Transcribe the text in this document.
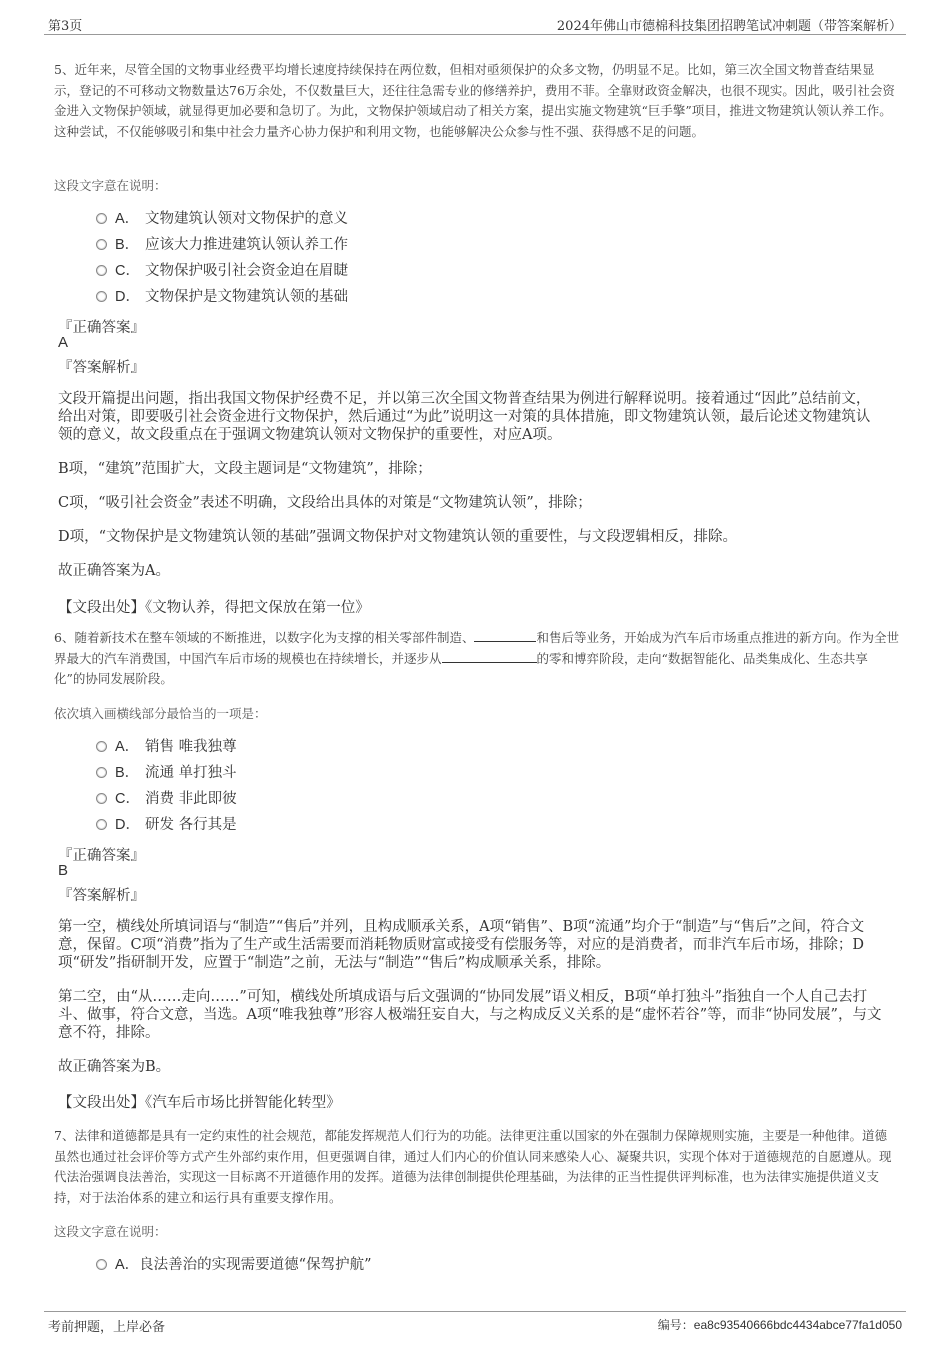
第3页	2024年佛山市德棉科技集团招聘笔试冲刺题（带答案解析）
5、近年来，尽管全国的文物事业经费平均增长速度持续保持在两位数，但相对亟须保护的众多文物，仍明显不足。比如，第三次全国文物普查结果显示，登记的不可移动文物数量达76万余处，不仅数量巨大，还往往急需专业的修缮养护，费用不菲。全靠财政资金解决，也很不现实。因此，吸引社会资金进入文物保护领域，就显得更加必要和急切了。为此，文物保护领域启动了相关方案，提出实施文物建筑“巨手擎”项目，推进文物建筑认领认养工作。这种尝试，不仅能够吸引和集中社会力量齐心协力保护和利用文物，也能够解决公众参与性不强、获得感不足的问题。
这段文字意在说明：
A． 文物建筑认领对文物保护的意义
B． 应该大力推进建筑认领认养工作
C． 文物保护吸引社会资金迫在眉睫
D． 文物保护是文物建筑认领的基础
『正确答案』
A
『答案解析』
文段开篇提出问题，指出我国文物保护经费不足，并以第三次全国文物普查结果为例进行解释说明。接着通过“因此”总结前文，给出对策，即要吸引社会资金进行文物保护，然后通过“为此”说明这一对策的具体措施，即文物建筑认领，最后论述文物建筑认领的意义，故文段重点在于强调文物建筑认领对文物保护的重要性，对应A项。
B项，“建筑”范围扩大，文段主题词是“文物建筑”，排除；
C项，“吸引社会资金”表述不明确，文段给出具体的对策是“文物建筑认领”，排除；
D项，“文物保护是文物建筑认领的基础”强调文物保护对文物建筑认领的重要性，与文段逻辑相反，排除。
故正确答案为A。
【文段出处】《文物认养，得把文保放在第一位》
6、随着新技术在整车领域的不断推进，以数字化为支撑的相关零部件制造、	和售后等业务，开始成为汽车后市场重点推进的新方向。作为全世界最大的汽车消费国，中国汽车后市场的规模也在持续增长，并逐步从	的零和博弈阶段，走向“数据智能化、品类集成化、生态共享化”的协同发展阶段。
依次填入画横线部分最恰当的一项是：
A． 销售 唯我独尊
B． 流通 单打独斗
C． 消费 非此即彼
D． 研发 各行其是
『正确答案』
B
『答案解析』
第一空，横线处所填词语与“制造”“售后”并列，且构成顺承关系，A项“销售”、B项“流通”均介于“制造”与“售后”之间，符合文意，保留。C项“消费”指为了生产或生活需要而消耗物质财富或接受有偿服务等，对应的是消费者，而非汽车后市场，排除；D项“研发”指研制开发，应置于“制造”之前，无法与“制造”“售后”构成顺承关系，排除。
第二空，由“从……走向……”可知，横线处所填成语与后文强调的“协同发展”语义相反，B项“单打独斗”指独自一个人自己去打斗、做事，符合文意，当选。A项“唯我独尊”形容人极端狂妄自大，与之构成反义关系的是“虚怀若谷”等，而非“协同发展”，与文意不符，排除。
故正确答案为B。
【文段出处】《汽车后市场比拼智能化转型》
7、法律和道德都是具有一定约束性的社会规范，都能发挥规范人们行为的功能。法律更注重以国家的外在强制力保障规则实施，主要是一种他律。道德虽然也通过社会评价等方式产生外部约束作用，但更强调自律，通过人们内心的价值认同来感染人心、凝聚共识，实现个体对于道德规范的自愿遵从。现代法治强调良法善治，实现这一目标离不开道德作用的发挥。道德为法律创制提供伦理基础，为法律的正当性提供评判标准，也为法律实施提供道义支持，对于法治体系的建立和运行具有重要支撑作用。
这段文字意在说明：
A．良法善治的实现需要道德“保驾护航”
考前押题，上岸必备	编号：ea8c93540666bdc4434abce77fa1d050
